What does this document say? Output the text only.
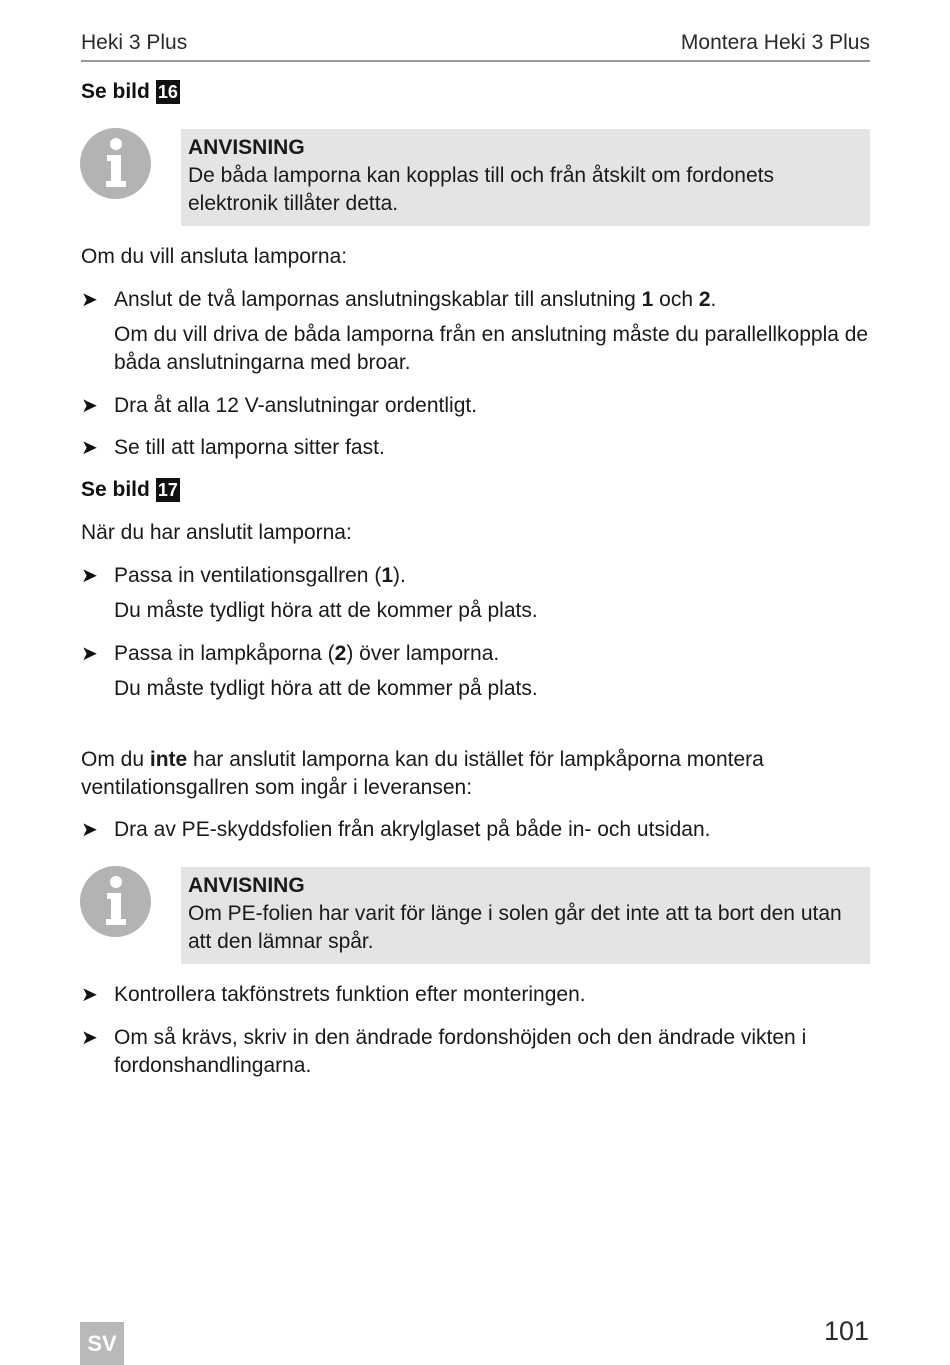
Heki 3 Plus	Montera Heki 3 Plus
Se bild 16
ANVISNING
De båda lamporna kan kopplas till och från åtskilt om fordonets elektronik tillåter detta.
Om du vill ansluta lamporna:
➤ Anslut de två lampornas anslutningskablar till anslutning 1 och 2.
Om du vill driva de båda lamporna från en anslutning måste du parallellkoppla de båda anslutningarna med broar.
➤ Dra åt alla 12 V-anslutningar ordentligt.
➤ Se till att lamporna sitter fast.
Se bild 17
När du har anslutit lamporna:
➤ Passa in ventilationsgallren (1).
Du måste tydligt höra att de kommer på plats.
➤ Passa in lampkåporna (2) över lamporna.
Du måste tydligt höra att de kommer på plats.
Om du inte har anslutit lamporna kan du istället för lampkåporna montera ventilationsgallren som ingår i leveransen:
➤ Dra av PE-skyddsfolien från akrylglaset på både in- och utsidan.
ANVISNING
Om PE-folien har varit för länge i solen går det inte att ta bort den utan att den lämnar spår.
➤ Kontrollera takfönstrets funktion efter monteringen.
➤ Om så krävs, skriv in den ändrade fordonshöjden och den ändrade vikten i fordonshandlingarna.
SV	101
